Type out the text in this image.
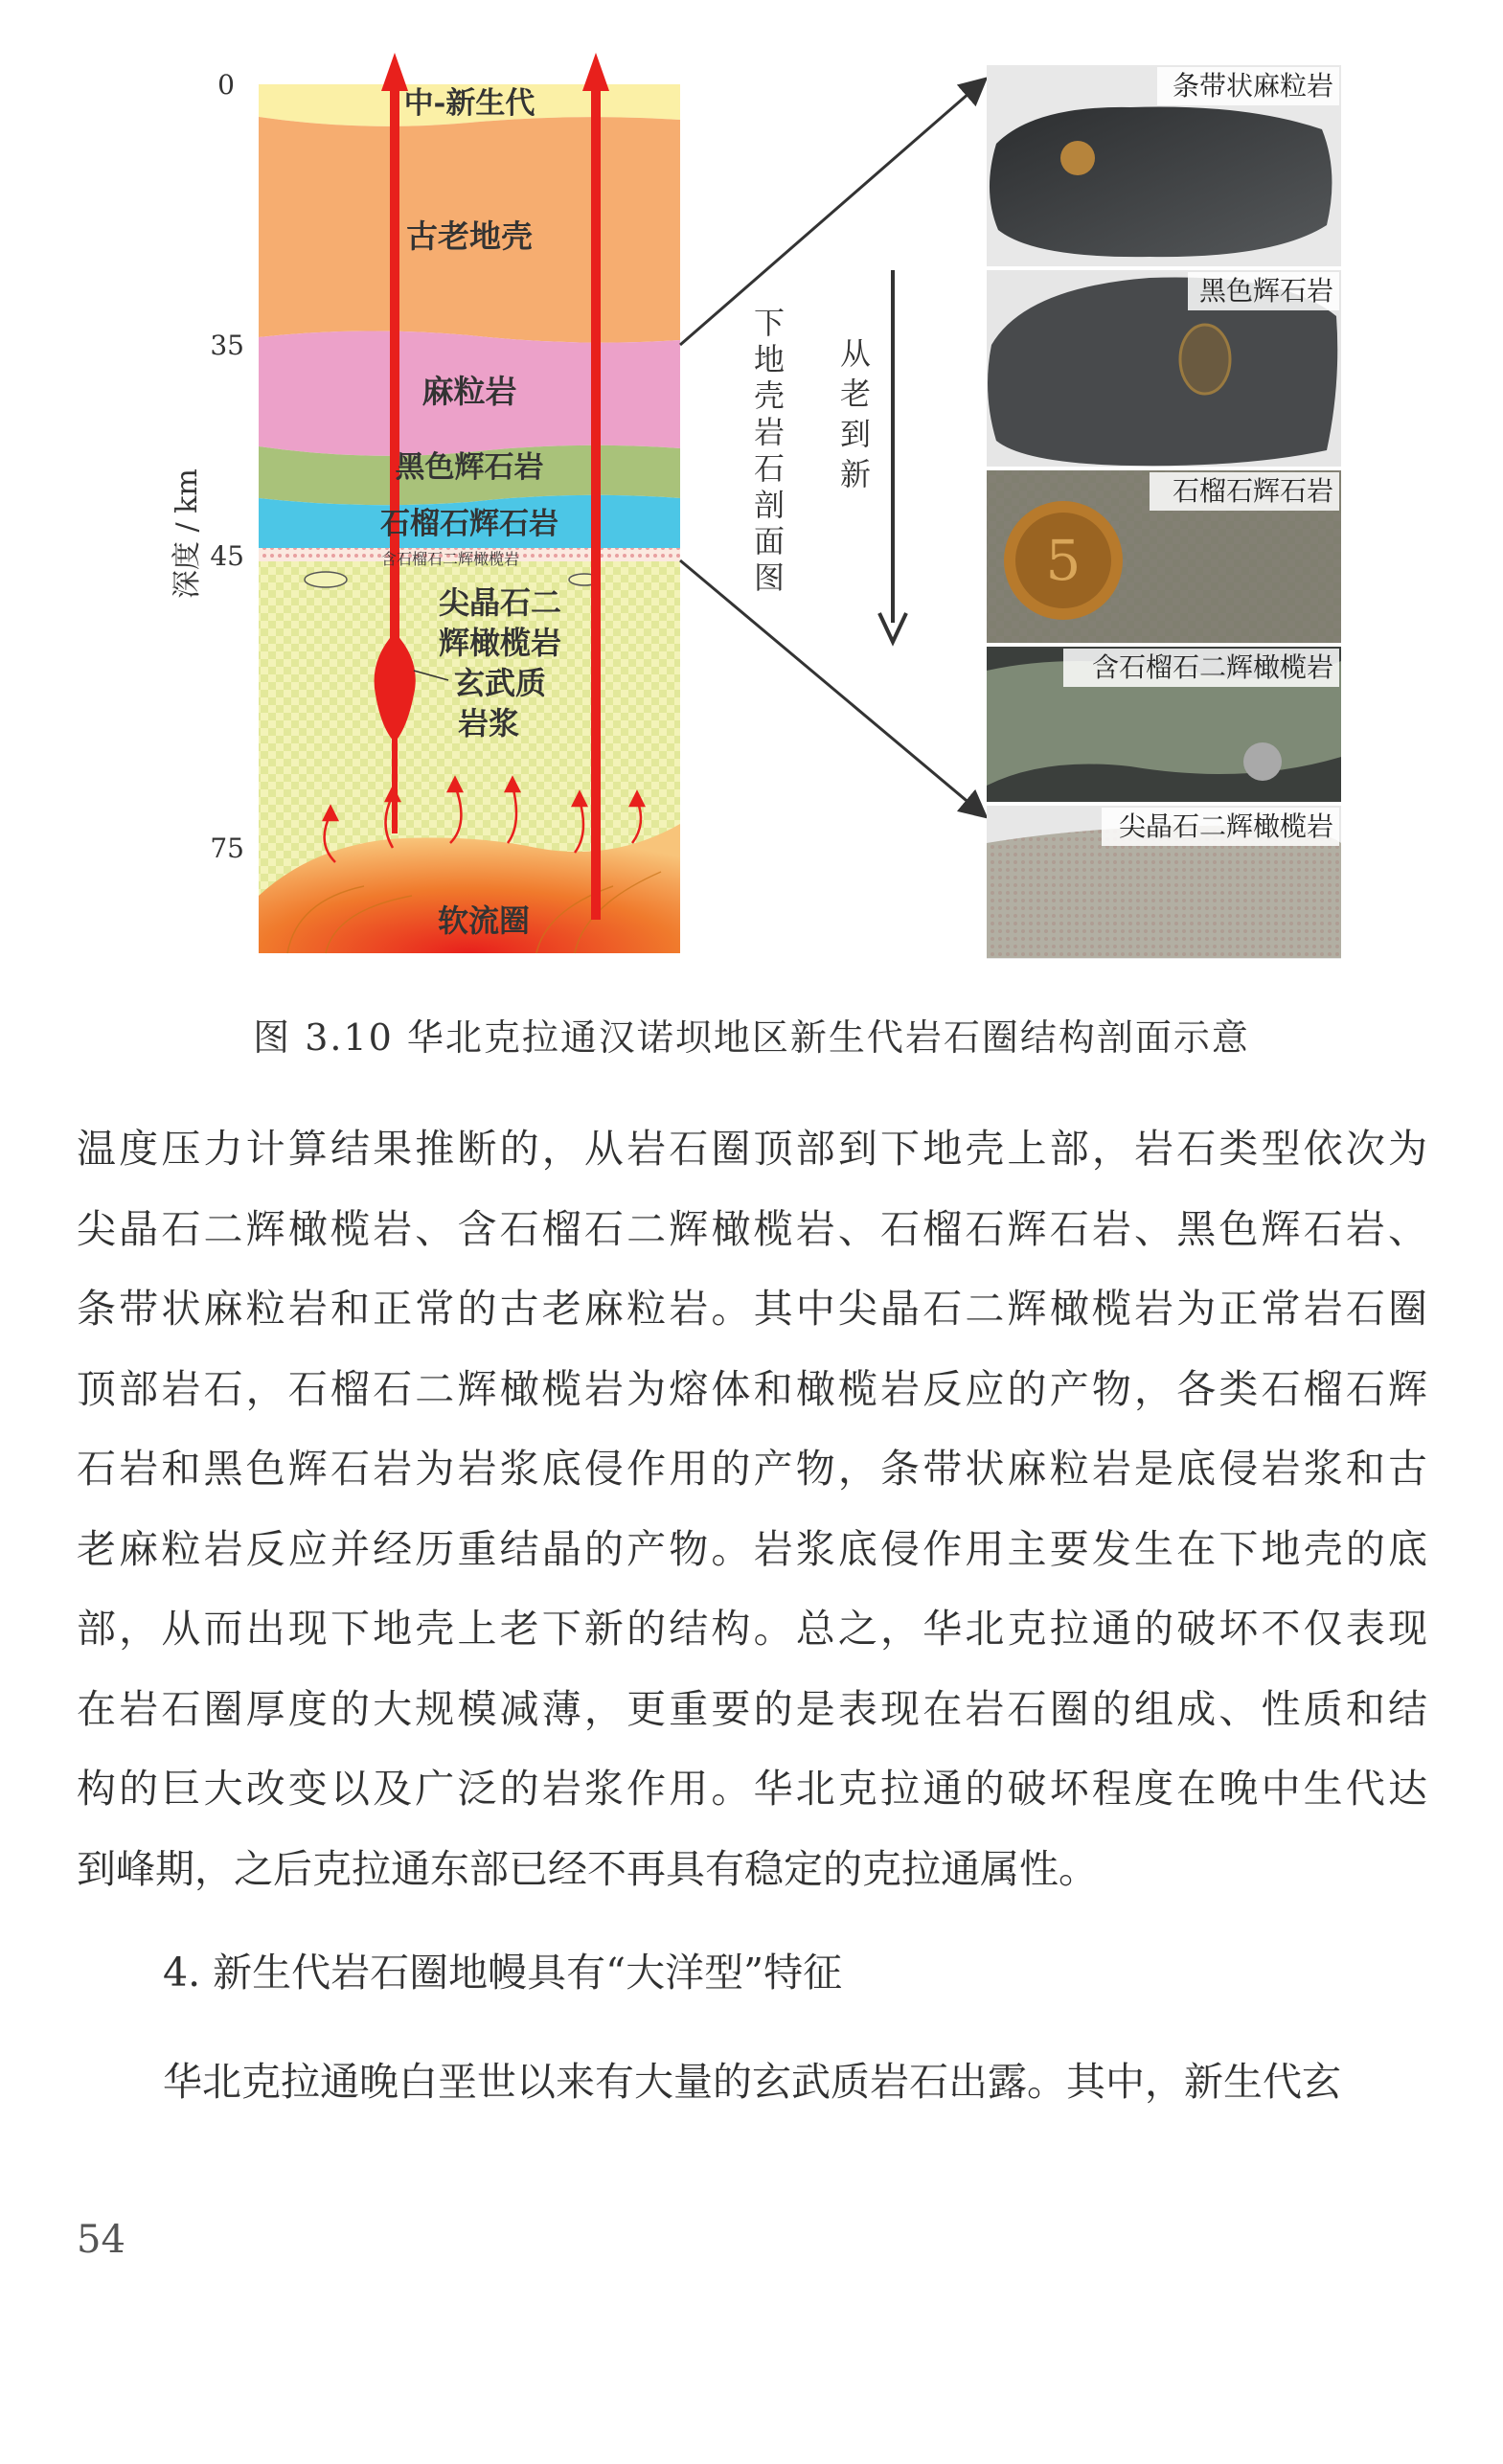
0
35
45
75
深度 / km
中-新生代
古老地壳
麻粒岩
黑色辉石岩
石榴石辉石岩
含石榴石二辉橄榄岩
尖晶石二
辉橄榄岩
玄武质
岩浆
软流圈
下
地
壳
岩
石
剖
面
图
从
老
到
新
条带状麻粒岩
黑色辉石岩
5
石榴石辉石岩
含石榴石二辉橄榄岩
尖晶石二辉橄榄岩
图 3.10 华北克拉通汉诺坝地区新生代岩石圈结构剖面示意
温度压力计算结果推断的，从岩石圈顶部到下地壳上部，岩石类型依次为
尖晶石二辉橄榄岩、含石榴石二辉橄榄岩、石榴石辉石岩、黑色辉石岩、
条带状麻粒岩和正常的古老麻粒岩。其中尖晶石二辉橄榄岩为正常岩石圈
顶部岩石，石榴石二辉橄榄岩为熔体和橄榄岩反应的产物，各类石榴石辉
石岩和黑色辉石岩为岩浆底侵作用的产物，条带状麻粒岩是底侵岩浆和古
老麻粒岩反应并经历重结晶的产物。岩浆底侵作用主要发生在下地壳的底
部，从而出现下地壳上老下新的结构。总之，华北克拉通的破坏不仅表现
在岩石圈厚度的大规模减薄，更重要的是表现在岩石圈的组成、性质和结
构的巨大改变以及广泛的岩浆作用。华北克拉通的破坏程度在晚中生代达
到峰期，之后克拉通东部已经不再具有稳定的克拉通属性。
4. 新生代岩石圈地幔具有“大洋型”特征
华北克拉通晚白垩世以来有大量的玄武质岩石出露。其中，新生代玄
54
